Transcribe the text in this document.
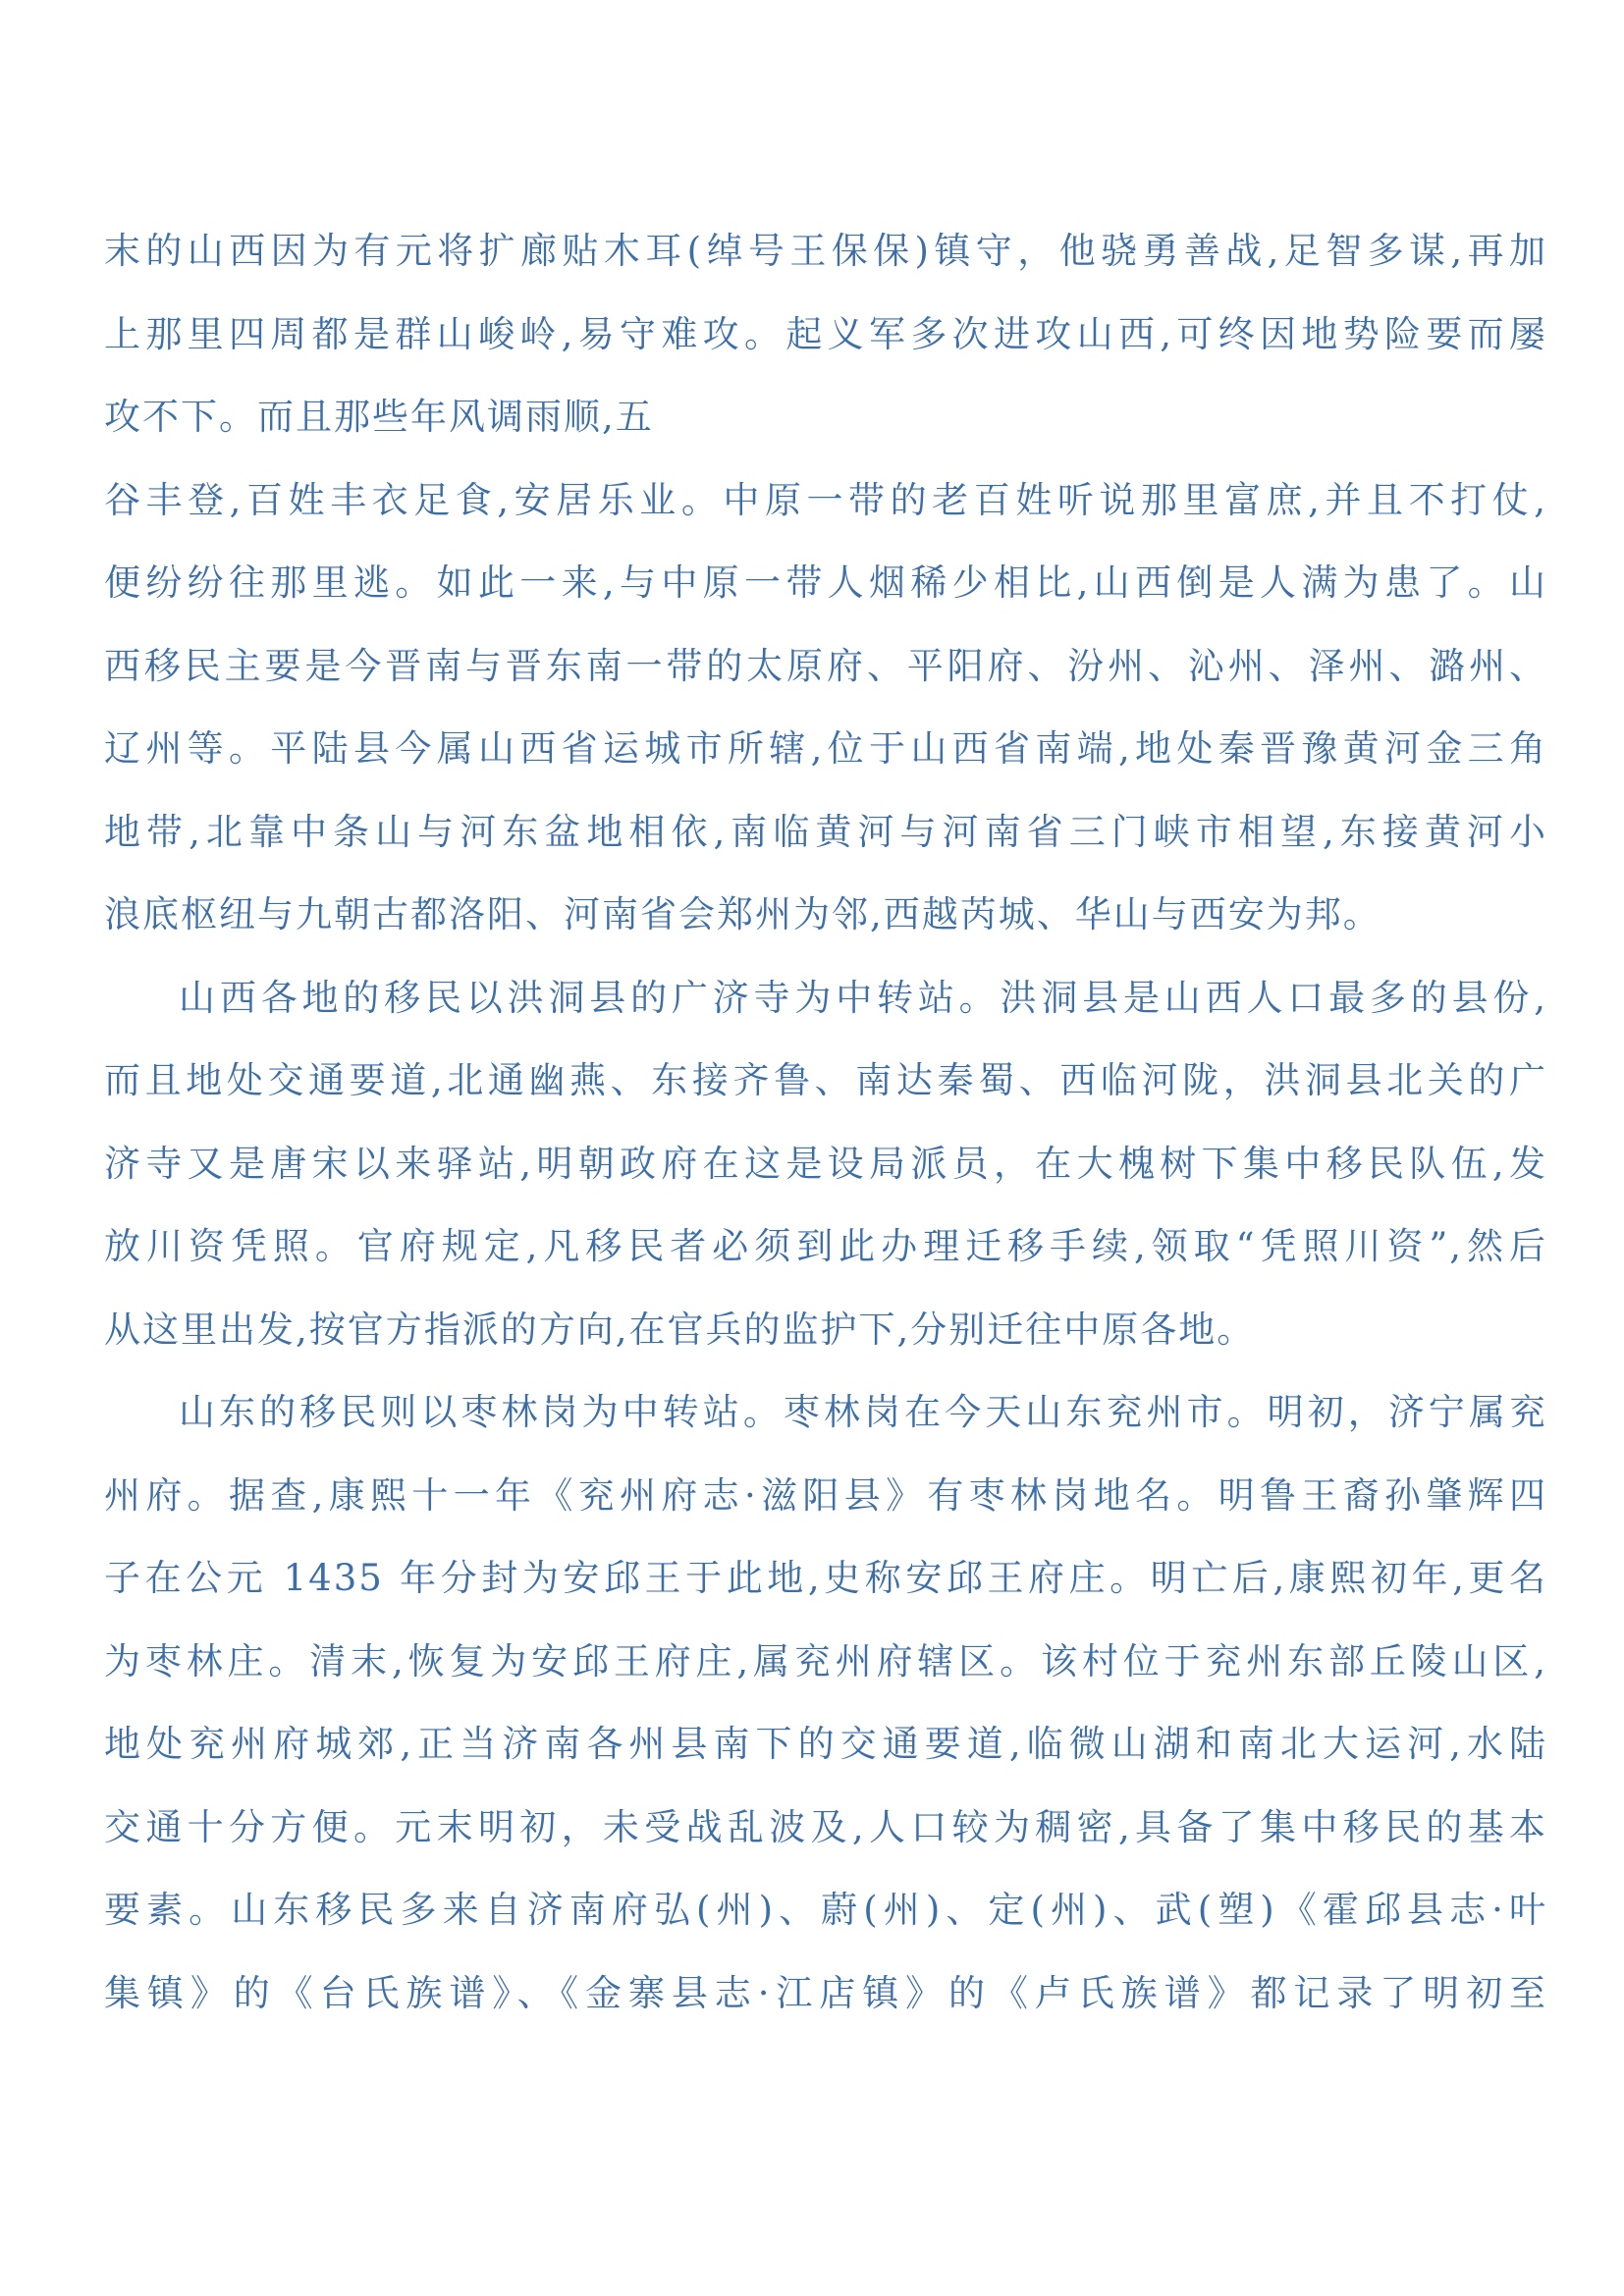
末的山西因为有元将扩廊贴木耳(绰号王保保)镇守，他骁勇善战,足智多谋,再加
上那里四周都是群山峻岭,易守难攻。起义军多次进攻山西,可终因地势险要而屡
攻不下。而且那些年风调雨顺,五
谷丰登,百姓丰衣足食,安居乐业。中原一带的老百姓听说那里富庶,并且不打仗,
便纷纷往那里逃。如此一来,与中原一带人烟稀少相比,山西倒是人满为患了。山
西移民主要是今晋南与晋东南一带的太原府、平阳府、汾州、沁州、泽州、潞州、
辽州等。平陆县今属山西省运城市所辖,位于山西省南端,地处秦晋豫黄河金三角
地带,北靠中条山与河东盆地相依,南临黄河与河南省三门峡市相望,东接黄河小
浪底枢纽与九朝古都洛阳、河南省会郑州为邻,西越芮城、华山与西安为邦。
山西各地的移民以洪洞县的广济寺为中转站。洪洞县是山西人口最多的县份,
而且地处交通要道,北通幽燕、东接齐鲁、南达秦蜀、西临河陇，洪洞县北关的广
济寺又是唐宋以来驿站,明朝政府在这是设局派员，在大槐树下集中移民队伍,发
放川资凭照。官府规定,凡移民者必须到此办理迁移手续,领取“凭照川资”,然后
从这里出发,按官方指派的方向,在官兵的监护下,分别迁往中原各地。
山东的移民则以枣林岗为中转站。枣林岗在今天山东兖州市。明初，济宁属兖
州府。据查,康熙十一年《兖州府志·滋阳县》有枣林岗地名。明鲁王裔孙肇辉四
子在公元 1435 年分封为安邱王于此地,史称安邱王府庄。明亡后,康熙初年,更名
为枣林庄。清末,恢复为安邱王府庄,属兖州府辖区。该村位于兖州东部丘陵山区,
地处兖州府城郊,正当济南各州县南下的交通要道,临微山湖和南北大运河,水陆
交通十分方便。元末明初，未受战乱波及,人口较为稠密,具备了集中移民的基本
要素。山东移民多来自济南府弘(州)、蔚(州)、定(州)、武(塑)《霍邱县志·叶
集镇》的《台氏族谱》、《金寨县志·江店镇》的《卢氏族谱》都记录了明初至
